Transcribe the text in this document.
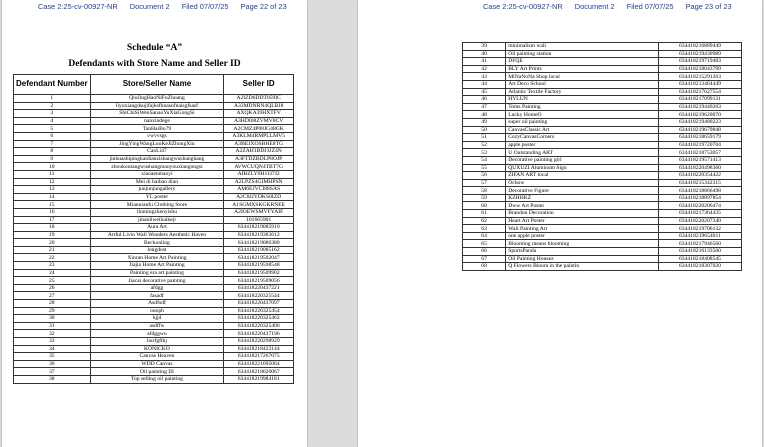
Case 2:25-cv-00927-NR Document 2 Filed 07/07/25 Page 22 of 23
Schedule “A”
Defendants with Store Name and Seller ID
Defendant Number	Store/Seller Name	Seller ID
1	QiuJingHaoNiFuZhuang	A2IZD6DDT059IC
2	liyuxiangdsujifajksfhnasufnaisgfsasf	A33MDNRN4QLBJ8
3	ShiChiSiWenSanaoYuXiaGongSi	AXQKA39HXTFV
4	nanxindege	A3HDI08ZVMV8CV
5	TanHaiBo79	A2CMZ4P08JG48GK
6	vwvvsgs	A3KLM4RMPLLMV5
7	JingYingWangLuoKeJiZhongXin	A3BEJXOSBHE8TG
8	CaoLi47	A2ZAH1BDJ3JZ4N
9	jinhuashipingkaidianzishangwushanghang	A3FTDZBDLP8OJP
10	zhoukoutangwushangmaoyouxiangongsi	AVWCUQN4TBT7G
11	xiaoaenmaoyi	AIBZLY0H1I37J2
12	Mei di haibao dian	A2LPZS4GIMHPSN
13	junjunjungallery	AM6EJVCI88SAS
14	YL poster	A2C8JJYDKS0IZD
15	Miannianfu Clothing Store	A1SGMXSKGKRNEE
16	linmingzhenyishu	A2IOEWSMVFYAIF
17	jinanliweihaikeji	101665901
18	Aura Art	634418219085910
19	Artful Livin Wall Wonders Aesthetic Haven	634418219383612
20	Beckonling	634418219086380
21	longdost	634418219085162
22	Xinran Home Art Painting	634418219502047
23	Jiajia Home Art Painting	634418219598548
24	Painting era art painting	634418219509902
25	Jiacai decorative painting	634418219509056
26	afdgg	634418220437221
27	fasadf	634418220325544
28	Asdfsdf	634418220437097
29	oooph	634418220325454
30	hjjd	634418220325462
31	asdffw	634418220325406
32	afdggwo	634418220437196
33	hurfgfthj	634418220298929
34	KONICKO	634418218423144
35	Canvas Heaven	634418217267075
36	WDD Canvas	634418221695064
37	Oil painting III	634418218620067
38	Top selling oil painting	634418219984181
Case 2:25-cv-00927-NR Document 2 Filed 07/07/25 Page 23 of 23
39	minimalism wall	634418216889449
40	Oil painting station	634418219430989
41	DFQE	634418219719483
42	BLY Art Prints	634418218043799
43	MiNaNoNa Shop local	634418215291263
44	Art Deco School	634418213464449
45	Atlantic Textile Factory	634418217627554
46	HYLUN	634418217099131
47	Toms Painting	634418219440263
48	Lucky HomeO	634418219620070
49	super oil painting	634418219480223
50	CanvasClassic Art	634418219679848
51	CozyCanvasCorners	634418218659179
52	apple poster	634418219720704
53	U Outstanding ART	634418218753057
54	Decorative painting girl	634418219571413
55	QUXUZI Aluminum Sign	634418220498360
56	ZIFAN ART local	634418220354422
57	Ochow	634418215342315
58	Decorative Figure	634418218866498
59	KZHHKZ	634418218897854
60	Dww Art Poster	634418220206474
61	Brandon Decoration	634418217364435
62	Heart Art Poster	634418220207340
63	Wall Painting Art	634418219706132
64	one apple poster	634418219654011
65	Blooming means blooming	634418217946560
66	SportsPanda	634418216133560
67	Oil Painting Housez	634418218408545
68	Q Flowers Bloom in the paintin	634418218307020
